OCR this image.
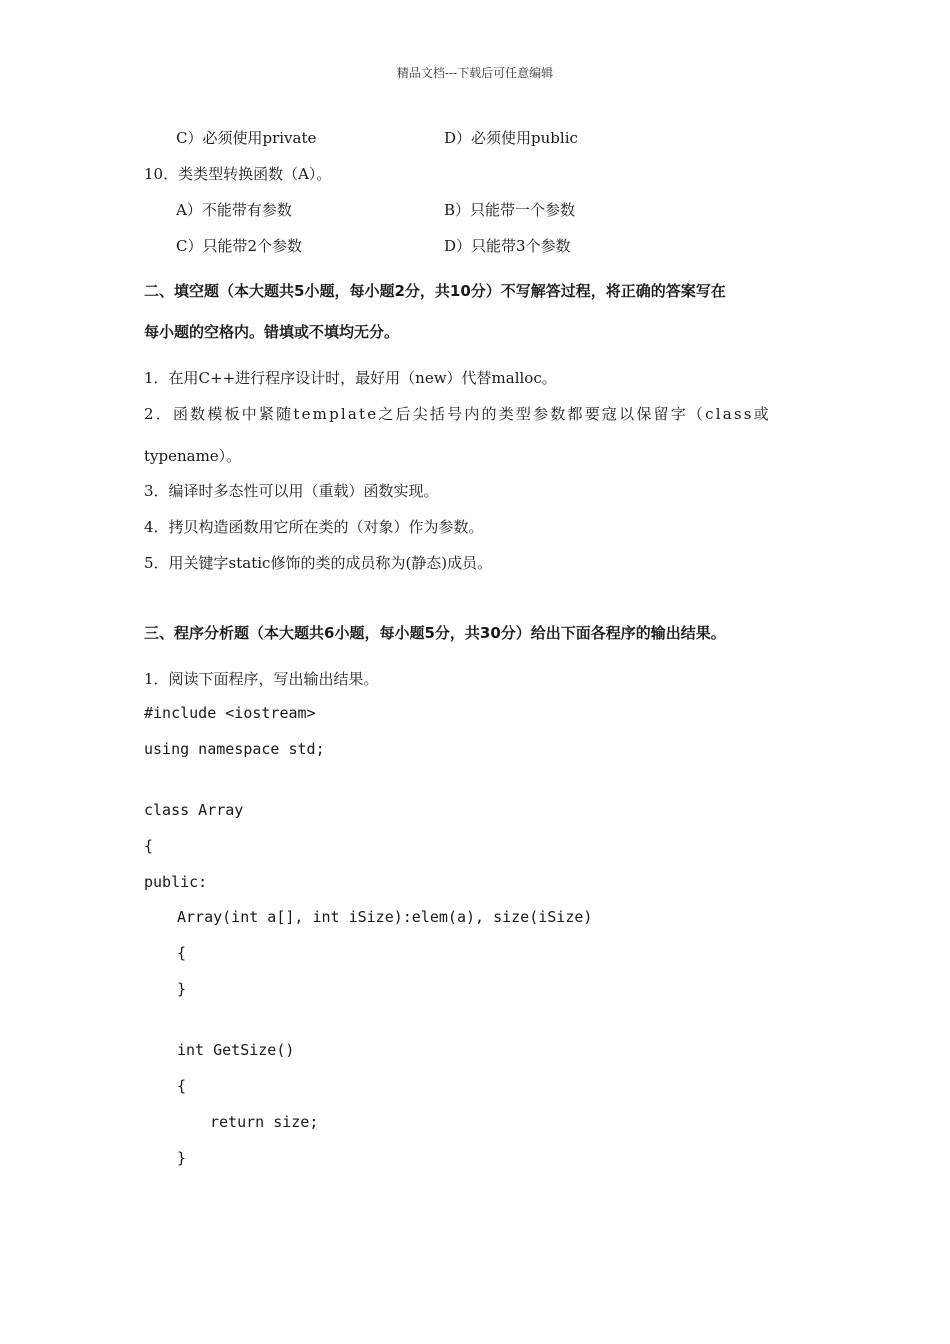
精品文档---下载后可任意编辑
C）必须使用private	D）必须使用public
10．类类型转换函数（A）。
A）不能带有参数	B）只能带一个参数
C）只能带2个参数	D）只能带3个参数
二、填空题（本大题共5小题，每小题2分，共10分）不写解答过程，将正确的答案写在
每小题的空格内。错填或不填均无分。
1．在用C++进行程序设计时，最好用（new）代替malloc。
2．函数模板中紧随template之后尖括号内的类型参数都要寇以保留字（class或
typename）。
3．编译时多态性可以用（重载）函数实现。
4．拷贝构造函数用它所在类的（对象）作为参数。
5．用关键字static修饰的类的成员称为(静态)成员。
三、程序分析题（本大题共6小题，每小题5分，共30分）给出下面各程序的输出结果。
1．阅读下面程序，写出输出结果。
#include <iostream>
using namespace std;
class Array
{
public:
Array(int a[], int iSize):elem(a), size(iSize)
{
}
int GetSize()
{
return size;
}
